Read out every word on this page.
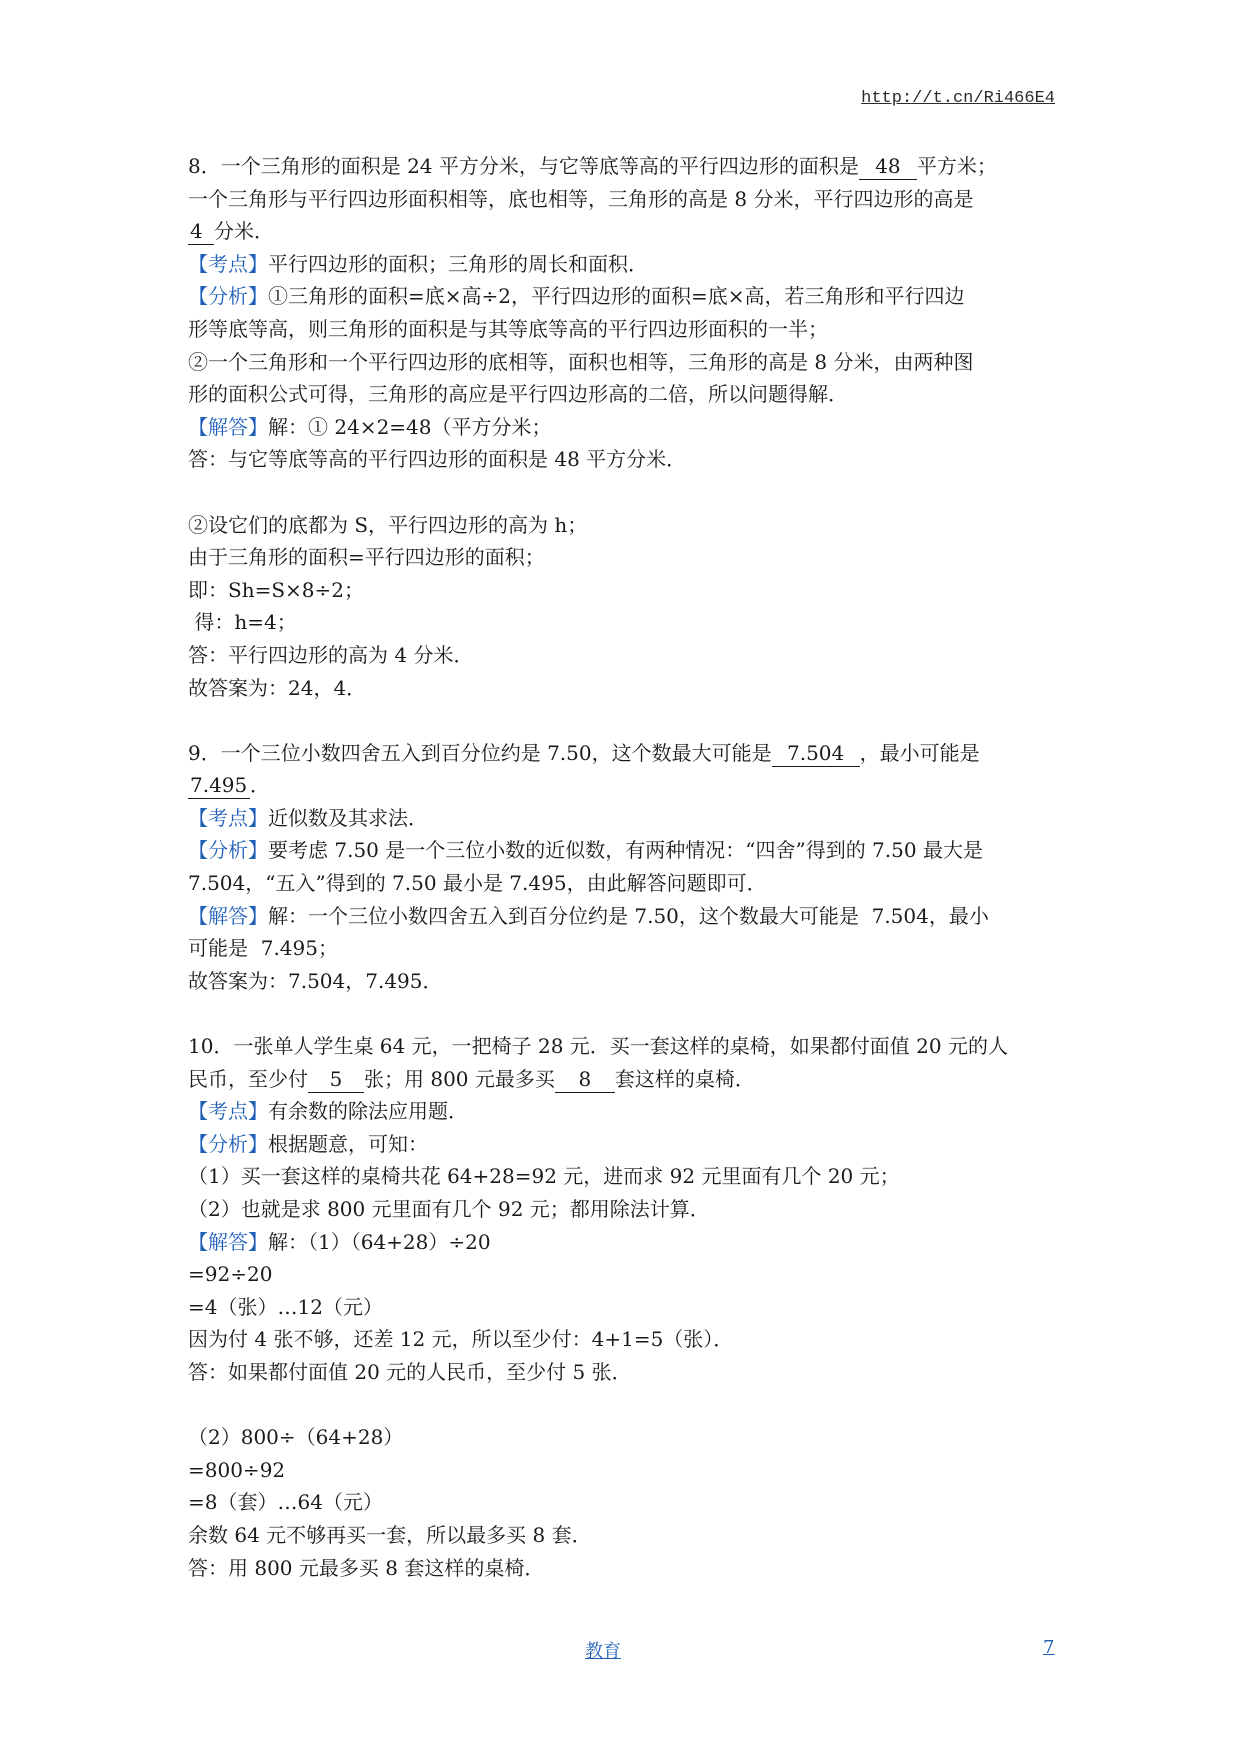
http://t.cn/Ri466E4
8．一个三角形的面积是 24 平方分米，与它等底等高的平行四边形的面积是 48 平方米；
一个三角形与平行四边形面积相等，底也相等，三角形的高是 8 分米，平行四边形的高是
4 分米．
【考点】平行四边形的面积；三角形的周长和面积．
【分析】①三角形的面积=底×高÷2，平行四边形的面积=底×高，若三角形和平行四边
形等底等高，则三角形的面积是与其等底等高的平行四边形面积的一半；
②一个三角形和一个平行四边形的底相等，面积也相等，三角形的高是 8 分米，由两种图
形的面积公式可得，三角形的高应是平行四边形高的二倍，所以问题得解．
【解答】解：① 24×2=48（平方分米；
答：与它等底等高的平行四边形的面积是 48 平方分米．
②设它们的底都为 S，平行四边形的高为 h；
由于三角形的面积=平行四边形的面积；
即：Sh=S×8÷2；
得：h=4；
答：平行四边形的高为 4 分米．
故答案为：24，4．
9．一个三位小数四舍五入到百分位约是 7.50，这个数最大可能是 7.504 ，最小可能是
7.495 ．
【考点】近似数及其求法．
【分析】要考虑 7.50 是一个三位小数的近似数，有两种情况：“四舍”得到的 7.50 最大是
7.504，“五入”得到的 7.50 最小是 7.495，由此解答问题即可．
【解答】解：一个三位小数四舍五入到百分位约是 7.50，这个数最大可能是  7.504，最小
可能是  7.495；
故答案为：7.504，7.495．
10．一张单人学生桌 64 元，一把椅子 28 元．买一套这样的桌椅，如果都付面值 20 元的人
民币，至少付 5 张；用 800 元最多买 8 套这样的桌椅．
【考点】有余数的除法应用题．
【分析】根据题意，可知：
（1）买一套这样的桌椅共花 64+28=92 元，进而求 92 元里面有几个 20 元；
（2）也就是求 800 元里面有几个 92 元；都用除法计算．
【解答】解：（1）（64+28）÷20
=92÷20
=4（张）…12（元）
因为付 4 张不够，还差 12 元，所以至少付：4+1=5（张）．
答：如果都付面值 20 元的人民币，至少付 5 张．
（2）800÷（64+28）
=800÷92
=8（套）…64（元）
余数 64 元不够再买一套，所以最多买 8 套．
答：用 800 元最多买 8 套这样的桌椅．
教育	7
